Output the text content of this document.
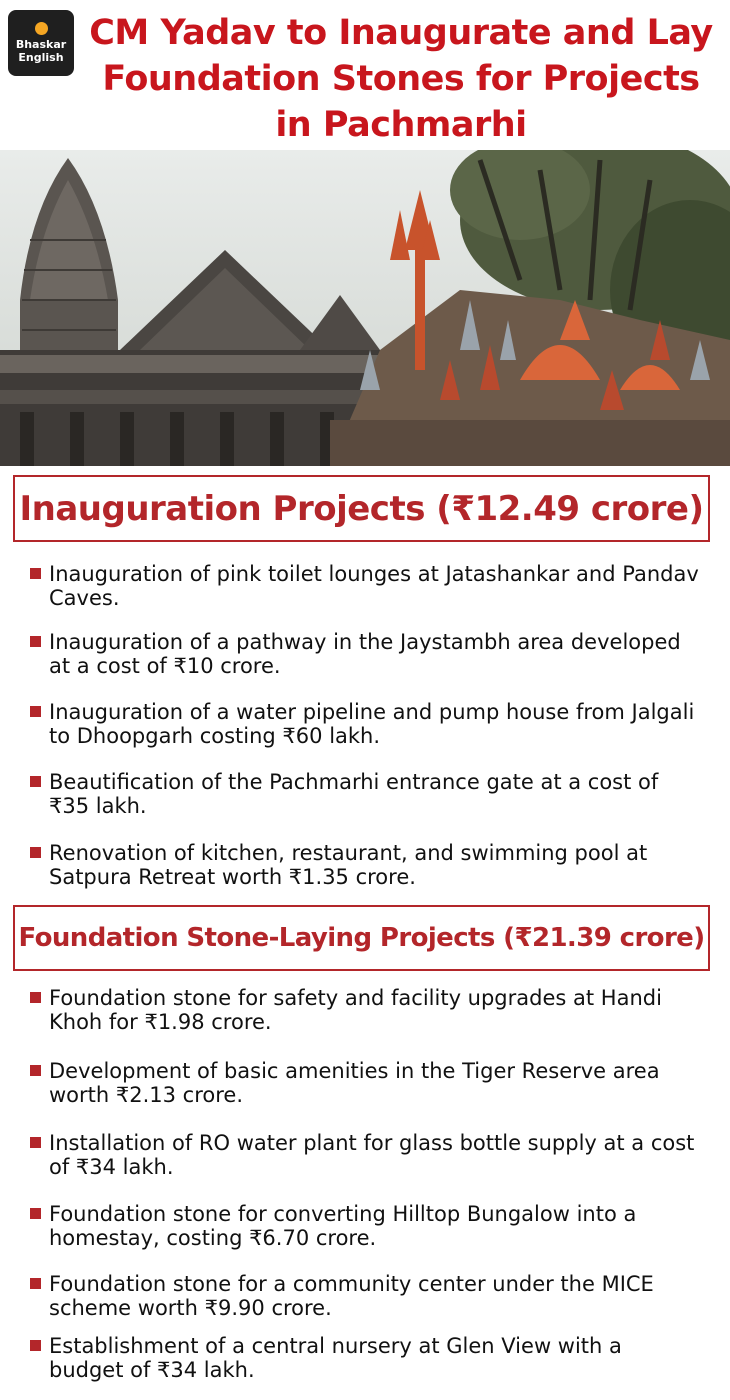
Bhaskar
English
CM Yadav to Inaugurate and Lay Foundation Stones for Projects in Pachmarhi
Inauguration Projects (₹12.49 crore)
Inauguration of pink toilet lounges at Jatashankar and Pandav Caves.
Inauguration of a pathway in the Jaystambh area developed at a cost of ₹10 crore.
Inauguration of a water pipeline and pump house from Jalgali to Dhoopgarh costing ₹60 lakh.
Beautification of the Pachmarhi entrance gate at a cost of ₹35 lakh.
Renovation of kitchen, restaurant, and swimming pool at Satpura Retreat worth ₹1.35 crore.
Foundation Stone-Laying Projects (₹21.39 crore)
Foundation stone for safety and facility upgrades at Handi Khoh for ₹1.98 crore.
Development of basic amenities in the Tiger Reserve area worth ₹2.13 crore.
Installation of RO water plant for glass bottle supply at a cost of ₹34 lakh.
Foundation stone for converting Hilltop Bungalow into a homestay, costing ₹6.70 crore.
Foundation stone for a community center under the MICE scheme worth ₹9.90 crore.
Establishment of a central nursery at Glen View with a budget of ₹34 lakh.
